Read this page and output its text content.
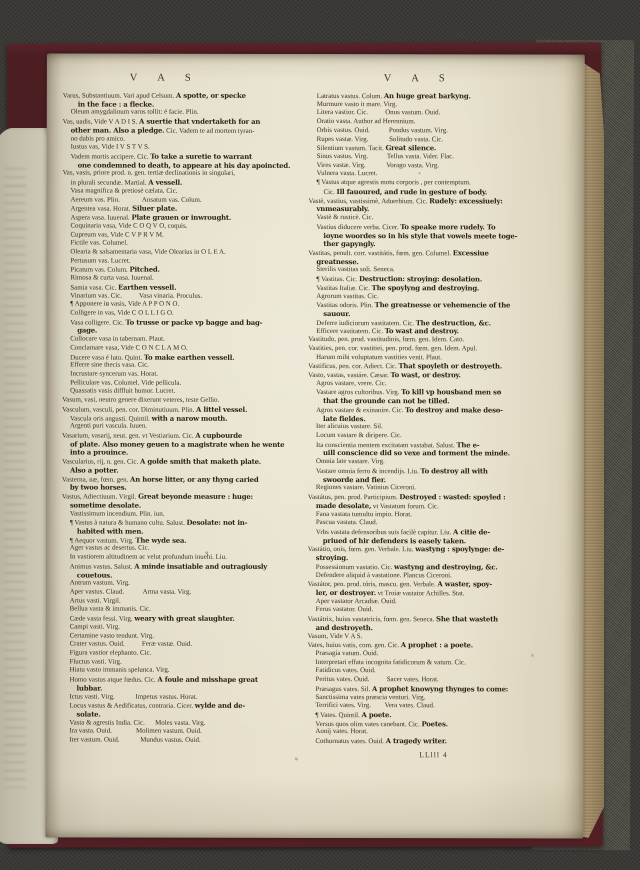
V A S	V A S
Varus, Substantiuum. Vari apud Celsum. A spotte, or specke
in the face : a flecke.
Oleum amygdalinum varos tollit: é facie. Plin.
Vas, uadis, Vide V A D I S. A suertie that vndertaketh for an
other man. Also a pledge. Cic. Vadem te ad mortem tyran-
no dabis pro amico.
Iustus vas, Vide I V S T V S.
Vadem mortis accipere. Cic. To take a suretie to warrant
one condemned to death, to appeare at his day apoincted.
Vas, vasis, priore prod. n. gen. tertiæ declinationis in singulari,
in plurali secundæ. Martial. A vessell.
Vasa magnifica & pretiosè cælata. Cic.
Aereum vas. Plin.             Ansatum vas. Colum.
Argentea vasa. Horat. Siluer plate.
Aspera vasa. Iuuenal. Plate grauen or inwrought.
Coquinaria vasa, Vide C O Q V O, coquis.
Cupreum vas, Vide C V P R V M.
Fictile vas. Columel.
Olearia & salsamentaria vasa, Vide Olearius in O L E A.
Pertusum vas. Lucret.
Picatum vas. Colum. Pitched.
Rimosa & curta vasa. Iuuenal.
Samia vasa. Cic. Earthen vessell.
Vinarium vas. Cic.          Vasa vinaria. Proculus.
¶ Apponere in vasis, Vide A P P O N O.
Colligere in vas, Vide C O L L I G O.
Vasa colligere. Cic. To trusse or packe vp bagge and bag-
gage.
Collocare vasa in tabernam. Plaut.
Conclamare vasa, Vide C O N C L A M O.
Ducere vasa é luto. Quint. To make earthen vessell.
Efferre sine thecis vasa. Cic.
Incrustare syncerum vas. Horat.
Pelliculare vas. Columel. Vide pellicula.
Quassatis vasis diffluit humor. Lucret.
Vasum, vasi, neutro genere dixerunt veteres, teste Gellio.
Vasculum, vasculi, pen. cor. Diminutiuum. Plin. A littel vessel.
Vascula oris angusti. Quintil. with a narow mouth.
Argenti puri vascula. Iuuen.
Vasarium, vasarij, neut. gen. vt Vestiarium. Cic. A cupbourde
of plate. Also money geuen to a magistrate when he wente
into a prouince.
Vascularius, rij, n. gen. Cic. A golde smith that maketh plate.
Also a potter.
Vasterna, næ, fœm. gen. An horse litter, or any thyng caried
by twoo horses.
Vastus, Adiectiuum. Virgil. Great beyonde measure : huge:
sometime desolate.
Vastissimum incendium. Plin. iun.
¶ Vastus à natura & humano cultu. Salust. Desolate: not in-
habited with men.
¶ Aequor vastum. Virg. The wyde sea.
Ager vastus ac desertus. Cic.
In vastiorem altitudinem ac velut profundum inuehi. Liu.
Animus vastus. Salust. A minde insatiable and outragiously
couetous.
Antrum vastum. Virg.
Aper vastus. Claud.           Arma vasta. Virg.
Artus vasti. Virgil.
Bellua vasta & immanis. Cic.
Cæde vasta fessi. Virg. weary with great slaughter.
Campi vasti. Virg.
Certamine vasto tendunt. Virg.
Crater vastus. Ouid.          Feræ vastæ. Ouid.
Figura vastior elephanto. Cic.
Fluctus vasti. Virg.
Hiatu vasto immanis spelunca. Virg.
Homo vastus atque fœdus. Cic. A foule and misshape great
lubbar.
Ictus vasti. Virg.            Impetus vastus. Horat.
Locus vastus & Aedificatus, contraria. Cicer. wylde and de-
solate.
Vasta & agrestis India. Cic.      Moles vasta. Virg.
Ira vasta. Ouid.              Molimen vastum. Ouid.
Iter vastum. Ouid.            Mundus vastus. Ouid.
Latratus vastus. Colum. An huge great barkyng.
Murmure vasto it mare. Virg.
Litera vastior. Cic.          Onus vastum. Ouid.
Oratio vasta. Author ad Herennium.
Orbis vastus. Ouid.           Pondus vastum. Virg.
Rupes vastæ. Virg.            Solitudo vasta. Cic.
Silentium vastum. Tacit. Great silence.
Sinus vastus. Virg.           Tellus vasta. Valer. Flac.
Vires vastæ. Virg.            Vorago vasta. Virg.
Vulnera vasta. Lucret.
¶ Vastus atque agrestis motu corporis , per contemptum.
Cic. Ill fauoured, and rude in gesture of body.
Vastè, vastius, vastissimè, Aduerbium. Cic. Rudely: excessiuely:
vnmeasurably.
Vastè & rusticè. Cic.
Vastius diducere verba. Cicer. To speake more rudely. To
ioyne woordes so in his style that vowels meete toge-
ther gapyngly.
Vastitas, penult. corr. vastitátis, fœm. gen. Columel. Excessiue
greatnesse.
Sterilis vastitas soli. Seneca.
¶ Vastitas. Cic. Destruction: stroying: desolation.
Vastitas Italiæ. Cic. The spoylyng and destroying.
Agrorum vastitas. Cic.
Vastitas odoris. Plin. The greatnesse or vehemencie of the
sauour.
Deferre iudiciorum vastitatem. Cic. The destruction, &c.
Efficere vastitatem. Cic. To wast and destroy.
Vastitudo, pen. prod. vastitudinis, fœm. gen. Idem. Cato.
Vastities, pen. cor. vastitiei, pen. prod. fœm. gen. Idem. Apul.
Harum mihi voluptatum vastities venit. Plaut.
Vastificus, pen. cor. Adiect. Cic. That spoyleth or destroyeth.
Vasto, vastas, vastáre. Cæsar. To wast, or destroy.
Agros vastare, vrere. Cic.
Vastare agros cultoribus. Virg. To kill vp housband men so
that the grounde can not be tilled.
Agros vastare & exinanire. Cic. To destroy and make deso-
late fieldes.
Iter alicuius vastare. Sil.
Locum vastare & diripere. Cic.
Ita conscientia mentem excitatam vastabat. Salust. The e-
uill conscience did so vexe and torment the minde.
Omnia late vastare. Virg.
Vastare omnia ferro & incendijs. Liu. To destroy all with
swoorde and fier.
Regiones vastare. Vatinius Ciceroni.
Vastátus, pen. prod. Participium. Destroyed : wasted: spoyled :
made desolate, vt Vastatum forum. Cic.
Fana vastata tumultu impio. Horat.
Pascua vastata. Claud.
Vrbs vastata defensoribus suis facilè capitur. Liu. A citie de-
priued of hir defenders is easely taken.
Vastátio, onis, fœm. gen. Verbale. Liu. wastyng : spoylynge: de-
stroying.
Possessionum vastatio. Cic. wastyng and destroying, &c.
Defendere aliquid à vastatione. Plancus Ciceroni.
Vastátor, pen. prod. tóris, mascu. gen. Verbale. A waster, spoy-
ler, or destroyer. vt Troiæ vastator Achilles. Stat.
Aper vastator Arcadiæ. Ouid.
Ferus vastator. Ouid.
Vastátrix, huius vastatricis, fœm. gen. Seneca. She that wasteth
and destroyeth.
Vasum, Vide V A S.
Vates, huius vatis, com. gen. Cic. A prophet : a poete.
Præsagia vatum. Ouid.
Interpretari effata incognita fatidicorum & vatum. Cic.
Fatidicus vates. Ouid.
Peritus vates. Ouid.          Sacer vates. Horat.
Præsagus vates. Sil. A prophet knowyng thynges to come:
Sanctissima vates præscia venturi. Virg.
Terrifici vates. Virg.        Vera vates. Claud.
¶ Vates. Quintil. A poete.
Versus quos olim vates canebant. Cic. Poetes.
Aonij vates. Horat.
Cothurnatus vates. Ouid. A tragedy writer.
LLlll 4
